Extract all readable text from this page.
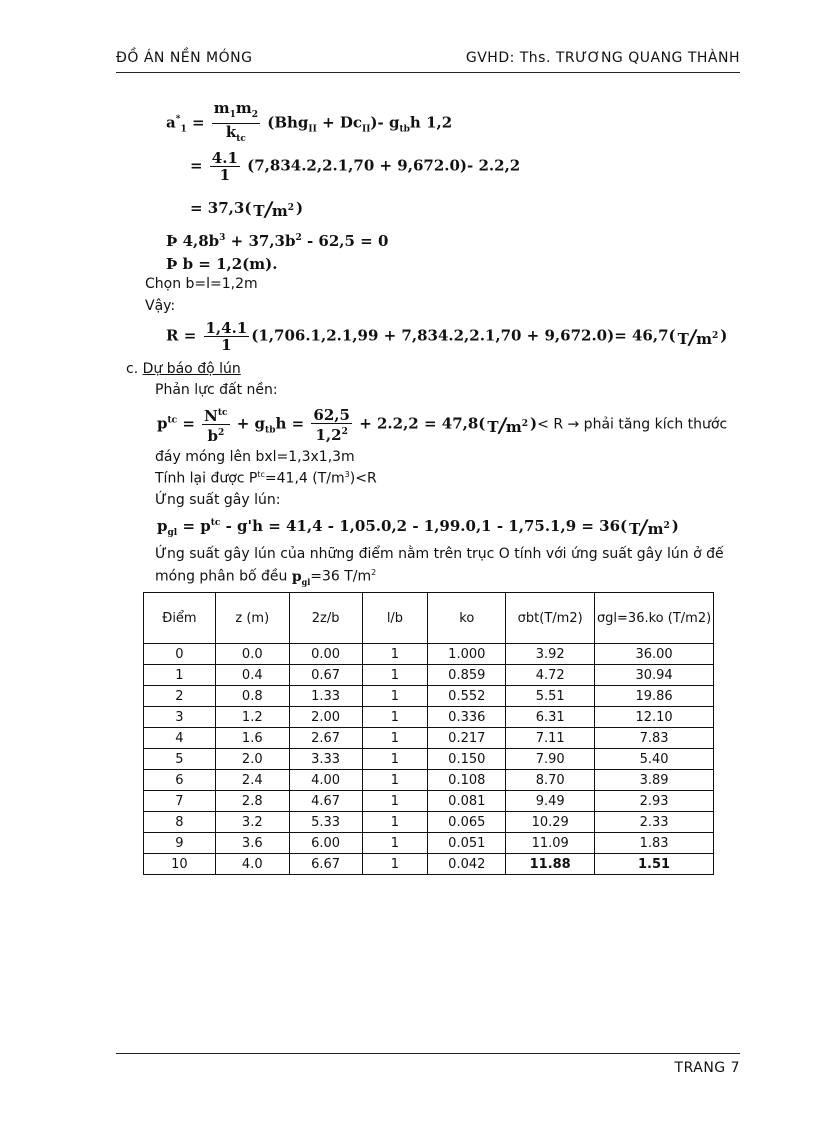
ĐỒ ÁN NỀN MÓNG	GVHD: Ths. TRƯƠNG QUANG THÀNH
$a^*_1 = \frac{m_1m_2}{k_{tc}} (Bhg_{II} + Dc_{II})-$ $g_{tb}h$ 1,2
= $\frac{4.1}{1} (7,834.2,2.1,70 + 9,672.0)-$ 2.2,2
= 37,3( $T/m^2$ )
Þ $4,8b^3 + 37,3b^2 - 62,5 = 0$
Þ b = 1,2(m).
Chọn b=l=1,2m
Vậy:
$R = \frac{1,4.1}{1} (1,706.1,2.1,99 + 7,834.2,2.1,70 + 9,672.0)= 46,7$( $T/m^2$ )
c. Dự báo độ lún
Phản lực đất nền:
$p^{tc} = \frac{N^{tc}}{b^2} + g_{tb}h = \frac{62,5}{1,2^2} + 2.2,2 = 47,8$( $T/m^2$ )< R → phải tăng kích thước
đáy móng lên bxl=1,3x1,3m
Tính lại được $P^{tc}=41,4$ $(T/m^3)<R$
Ứng suất gây lún:
$p_{gl} = p^{tc} - g'h = 41,4 - 1,05.0,2 - 1,99.0,1 - 1,75.1,9 = 36$( $T/m^2$ )
Ứng suất gây lún của những điểm nằm trên trục O tính với ứng suất gây lún ở đế
móng phân bố đều $p_{gl}=36$ $T/m^2$
Điểm	z (m)	2z/b	l/b	ko	σbt(T/m2)	σgl=36.ko (T/m2)
0	0.0	0.00	1	1.000	3.92	36.00
1	0.4	0.67	1	0.859	4.72	30.94
2	0.8	1.33	1	0.552	5.51	19.86
3	1.2	2.00	1	0.336	6.31	12.10
4	1.6	2.67	1	0.217	7.11	7.83
5	2.0	3.33	1	0.150	7.90	5.40
6	2.4	4.00	1	0.108	8.70	3.89
7	2.8	4.67	1	0.081	9.49	2.93
8	3.2	5.33	1	0.065	10.29	2.33
9	3.6	6.00	1	0.051	11.09	1.83
10	4.0	6.67	1	0.042	11.88	1.51
TRANG 7
